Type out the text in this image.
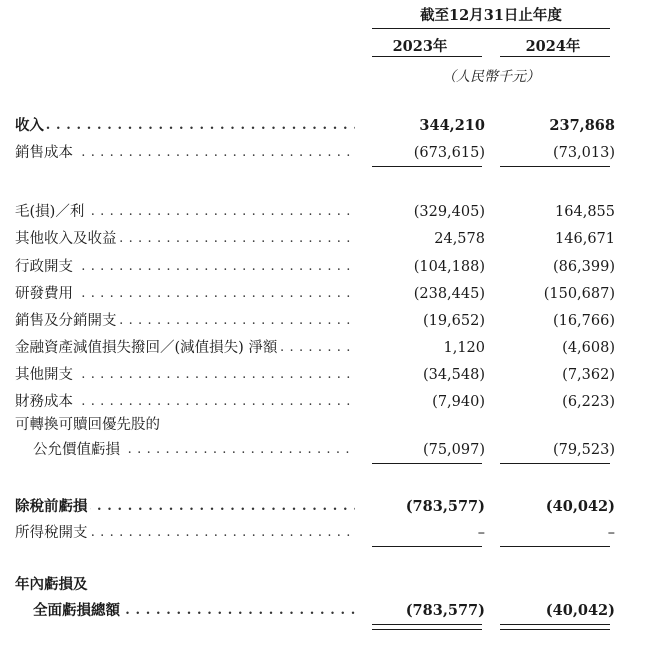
截至12月31日止年度
2023年	2024年
（人民幣千元）
收入 . . .	344,210	237,868
銷售成本 . . .	(673,615)	(73,013)
毛(損)／利 . . .	(329,405)	164,855
其他收入及收益 . . .	24,578	146,671
行政開支 . . .	(104,188)	(86,399)
研發費用 . . .	(238,445)	(150,687)
銷售及分銷開支 . . .	(19,652)	(16,766)
金融資產減值損失撥回／(減值損失) 淨額 . . .	1,120	(4,608)
其他開支 . . .	(34,548)	(7,362)
財務成本 . . .	(7,940)	(6,223)
可轉換可贖回優先股的
公允價值虧損 . . .	(75,097)	(79,523)
除稅前虧損 . . .	(783,577)	(40,042)
所得稅開支 . . .	–	–
年內虧損及
全面虧損總額 . . .	(783,577)	(40,042)
